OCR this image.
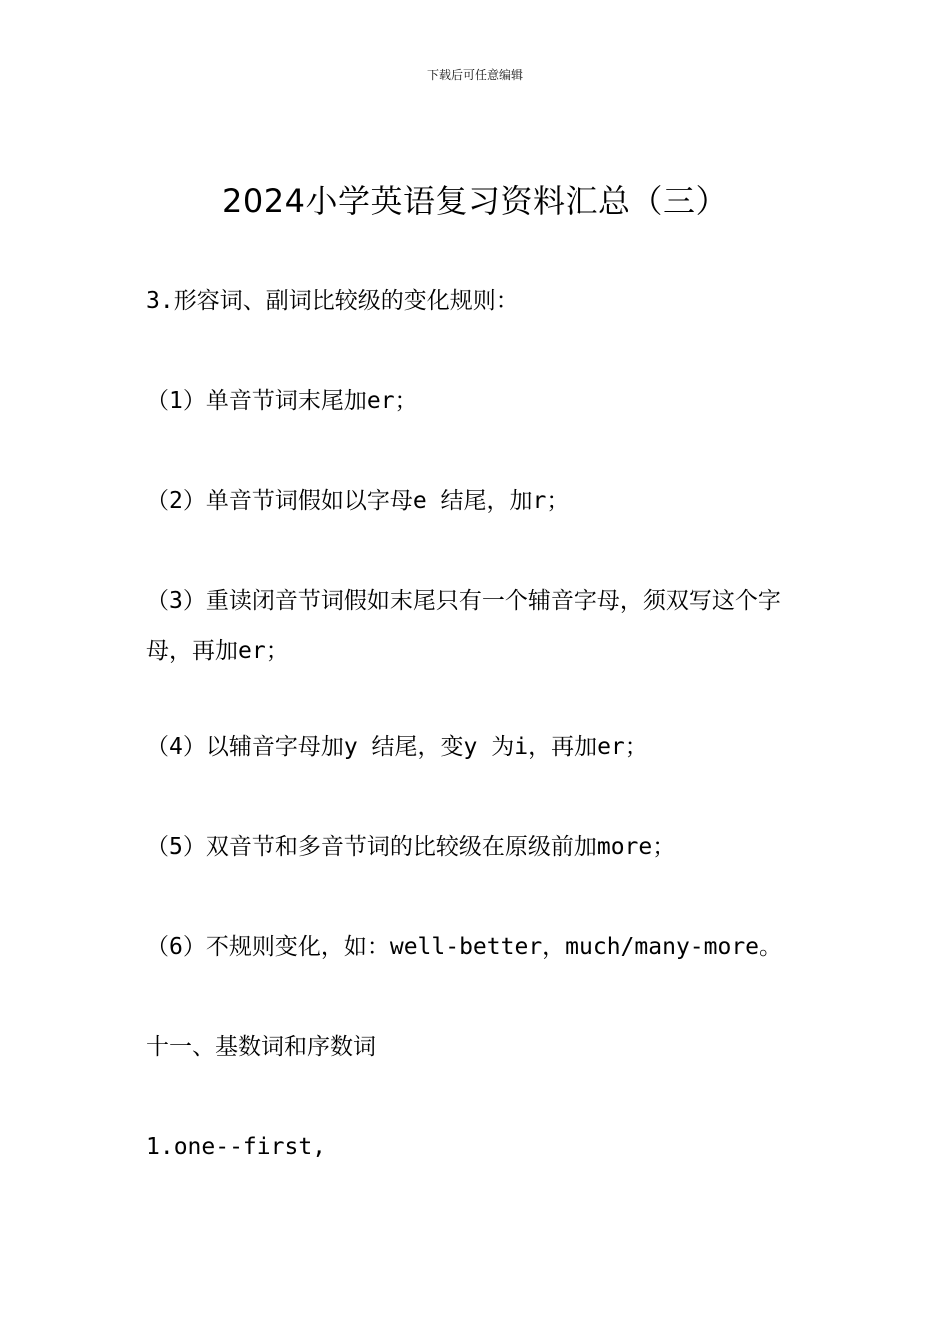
下载后可任意编辑
2024小学英语复习资料汇总（三）
3.形容词、副词比较级的变化规则：
（1）单音节词末尾加er；
（2）单音节词假如以字母e 结尾，加r；
（3）重读闭音节词假如末尾只有一个辅音字母，须双写这个字母，再加er；
（4）以辅音字母加y 结尾，变y 为i，再加er；
（5）双音节和多音节词的比较级在原级前加more；
（6）不规则变化，如：well-better，much/many-more。
十一、基数词和序数词
1.one--first,
